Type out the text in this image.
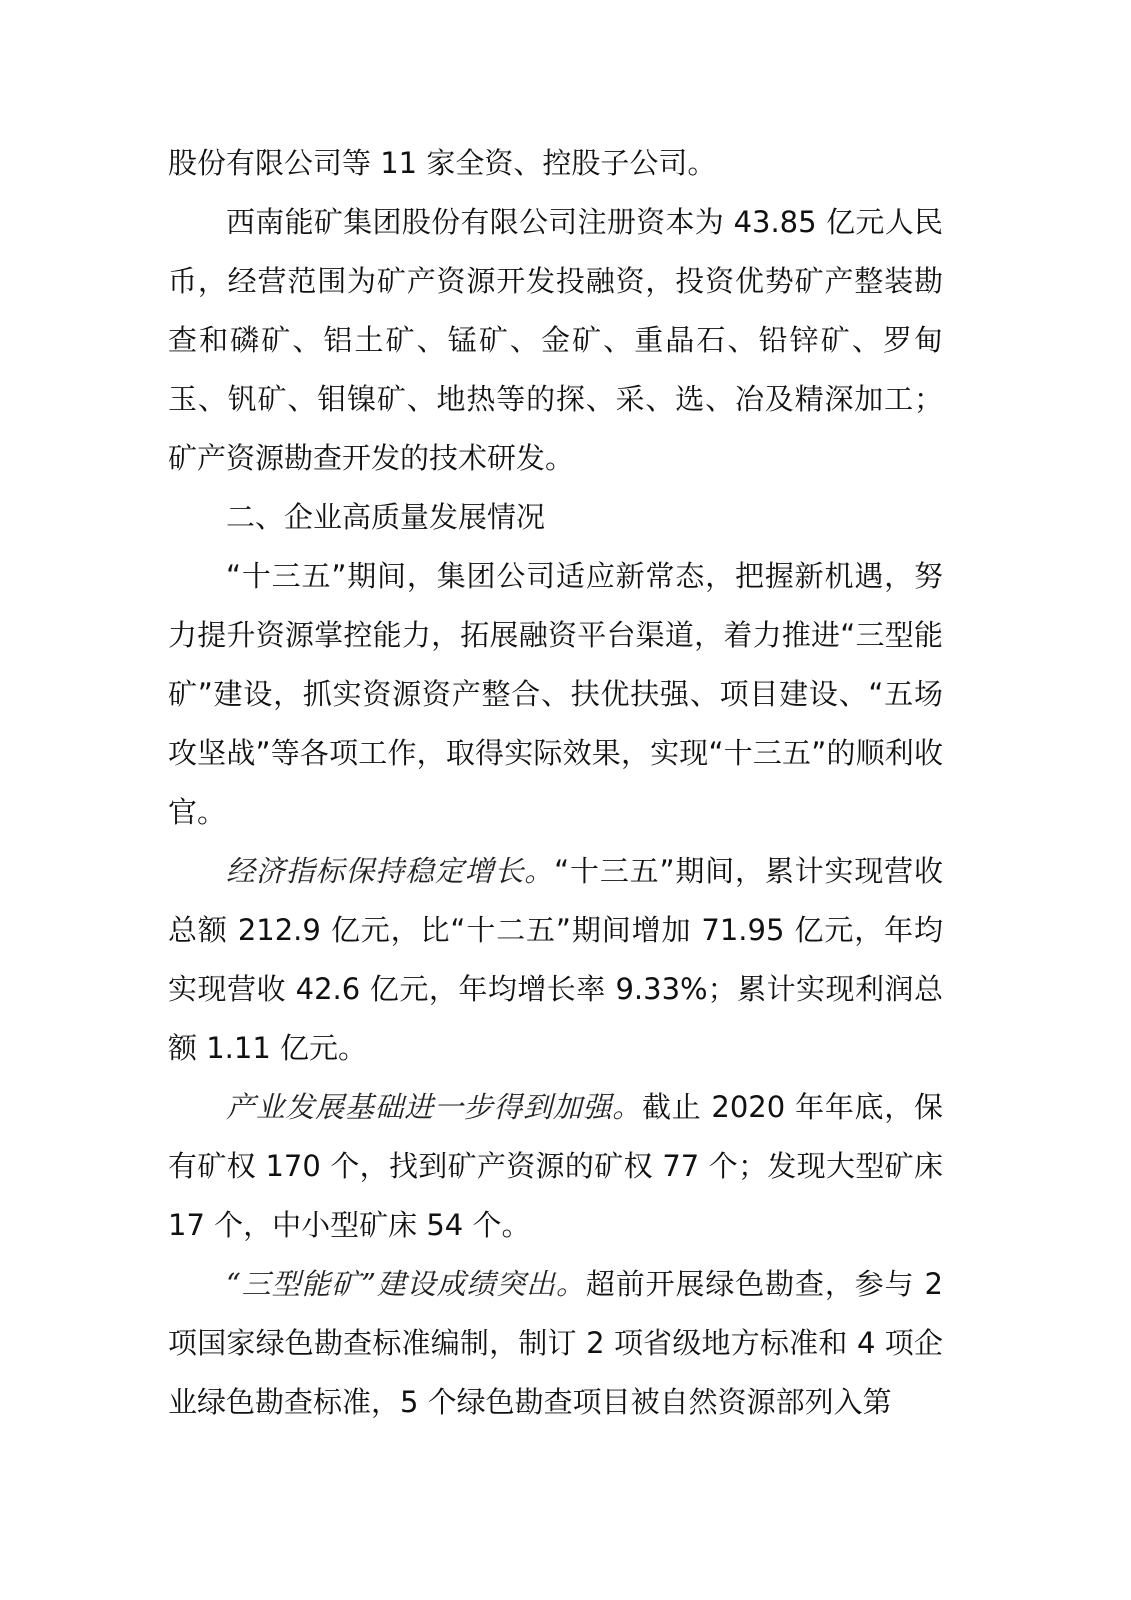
股份有限公司等 11 家全资、控股子公司。

西南能矿集团股份有限公司注册资本为 43.85 亿元人民币，经营范围为矿产资源开发投融资，投资优势矿产整装勘查和磷矿、铝土矿、锰矿、金矿、重晶石、铅锌矿、罗甸玉、钒矿、钼镍矿、地热等的探、采、选、冶及精深加工；矿产资源勘查开发的技术研发。

二、企业高质量发展情况

“十三五”期间，集团公司适应新常态，把握新机遇，努力提升资源掌控能力，拓展融资平台渠道，着力推进“三型能矿”建设，抓实资源资产整合、扶优扶强、项目建设、“五场攻坚战”等各项工作，取得实际效果，实现“十三五”的顺利收官。

经济指标保持稳定增长。“十三五”期间，累计实现营收总额 212.9 亿元，比“十二五”期间增加 71.95 亿元，年均实现营收 42.6 亿元，年均增长率 9.33%；累计实现利润总额 1.11 亿元。

产业发展基础进一步得到加强。截止 2020 年年底，保有矿权 170 个，找到矿产资源的矿权 77 个；发现大型矿床 17 个，中小型矿床 54 个。

“三型能矿”建设成绩突出。超前开展绿色勘查，参与 2 项国家绿色勘查标准编制，制订 2 项省级地方标准和 4 项企业绿色勘查标准，5 个绿色勘查项目被自然资源部列入第
